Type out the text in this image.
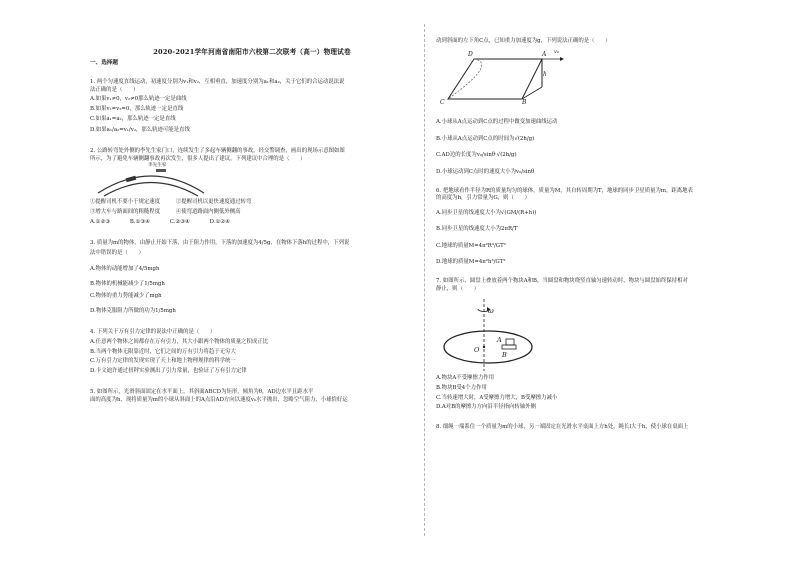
2020-2021学年河南省南阳市六校第二次联考（高一）物理试卷

一、选择题

1. 两个匀速度直线运动，初速度分别为v₁和v₂，互相垂直，加速度分别为a₁和a₂，关于它们的合运动说法说

法正确的是（　　）

A.如果v₁≠0，v₂≠0那么轨迹一定是曲线

B.如果v₁=v₂=0，那么轨迹一定是直线

C.如果a₁=a₂，那么轨迹一定是直线

D.如果a₁/a₂=v₁/v₂，那么轨迹可能是直线

2. 公路转弯处外侧的李先生家门口，连续发生了多起车辆侧翻的事故，经交警调查，画出的现场示意图如图

所示，为了避免车辆侧翻事故再次发生，很多人提出了建议，下列建议中合理的是（　　）

李先生家

①提醒司机不要小于规定速度	②提醒司机以更快速度通过转弯

③增大车与路面间的粗糙程度	④使弯道路面内侧低外侧高

A.①②③	B.①③④	C.②③④	D.①②④

3. 质量为m的物体，由静止开始下落，由于阻力作用，下落的加速度为4/5g，在物体下落h的过程中，下列说

法中错误的是（　　）

A.物体的动能增加了4/5mgh

B.物体的机械能减少了1/5mgh

C.物体的重力势能减少了mgh

D.物体克服阻力所做的功为1/5mgh

4. 下列关于万有引力定律的说法中正确的是（　　）

A.任意两个物体之间都存在万有引力，其大小跟两个物体的质量之积成正比

B.当两个物体无限靠近时，它们之间的万有引力将趋于无穷大

C.万有引力定律的发现实现了天上和地上物理规律的科学统一

D.卡文迪许通过扭秤实验测出了引力常量，也验证了万有引力定律

5. 如图所示，光滑斜面固定在水平面上，其斜面ABCD为矩形，倾角为θ，AD边水平且距水平

面的高度为h，现将质量为m的小球从斜面上的A点沿AD方向以速度v₀水平抛出，忽略空气阻力，小球恰好运

动到斜面的左下角C点，已知重力加速度为g，下列说法正确的是（　　）

D	A
C	B
h
v₀

A.小球从A点运动到C点的过程中做变加速曲线运动

B.小球从A点运动到C点的时间为√(2h/g)

C.AD边的长度为v₀/sinθ·√(2h/g)

D.小球运动到C点时的速度大小为v₀/sinθ

6. 把地球看作半径为R的质量均匀的球体，质量为M，其自转周期为T，地球的同步卫星质量为m，距离地表

的高度为h，引力常量为G，则（　　）

A.同步卫星的线速度大小为√(GM/(R+h))

B.同步卫星的线速度大小为2πR/T

C.地球的质量M=4π²R³/GT²

D.地球的质量M=4π²h³/GT²

7. 如图所示，圆盘上叠放着两个物块A和B，当圆盘和物块绕竖直轴匀速转动时，物块与圆盘始终保持相对

静止，则（　　）

ω
O
A
B

A.物块A不受摩擦力作用

B.物块B受4个力作用

C.当转速增大时，A受摩擦力增大，B受摩擦力减小

D.A对B的摩擦力方向沿半径指向转轴外侧

8. 细绳一端系住一个质量为m的小球，另一端固定在光滑水平桌面上方h处，绳长l大于h，使小球在桌面上
